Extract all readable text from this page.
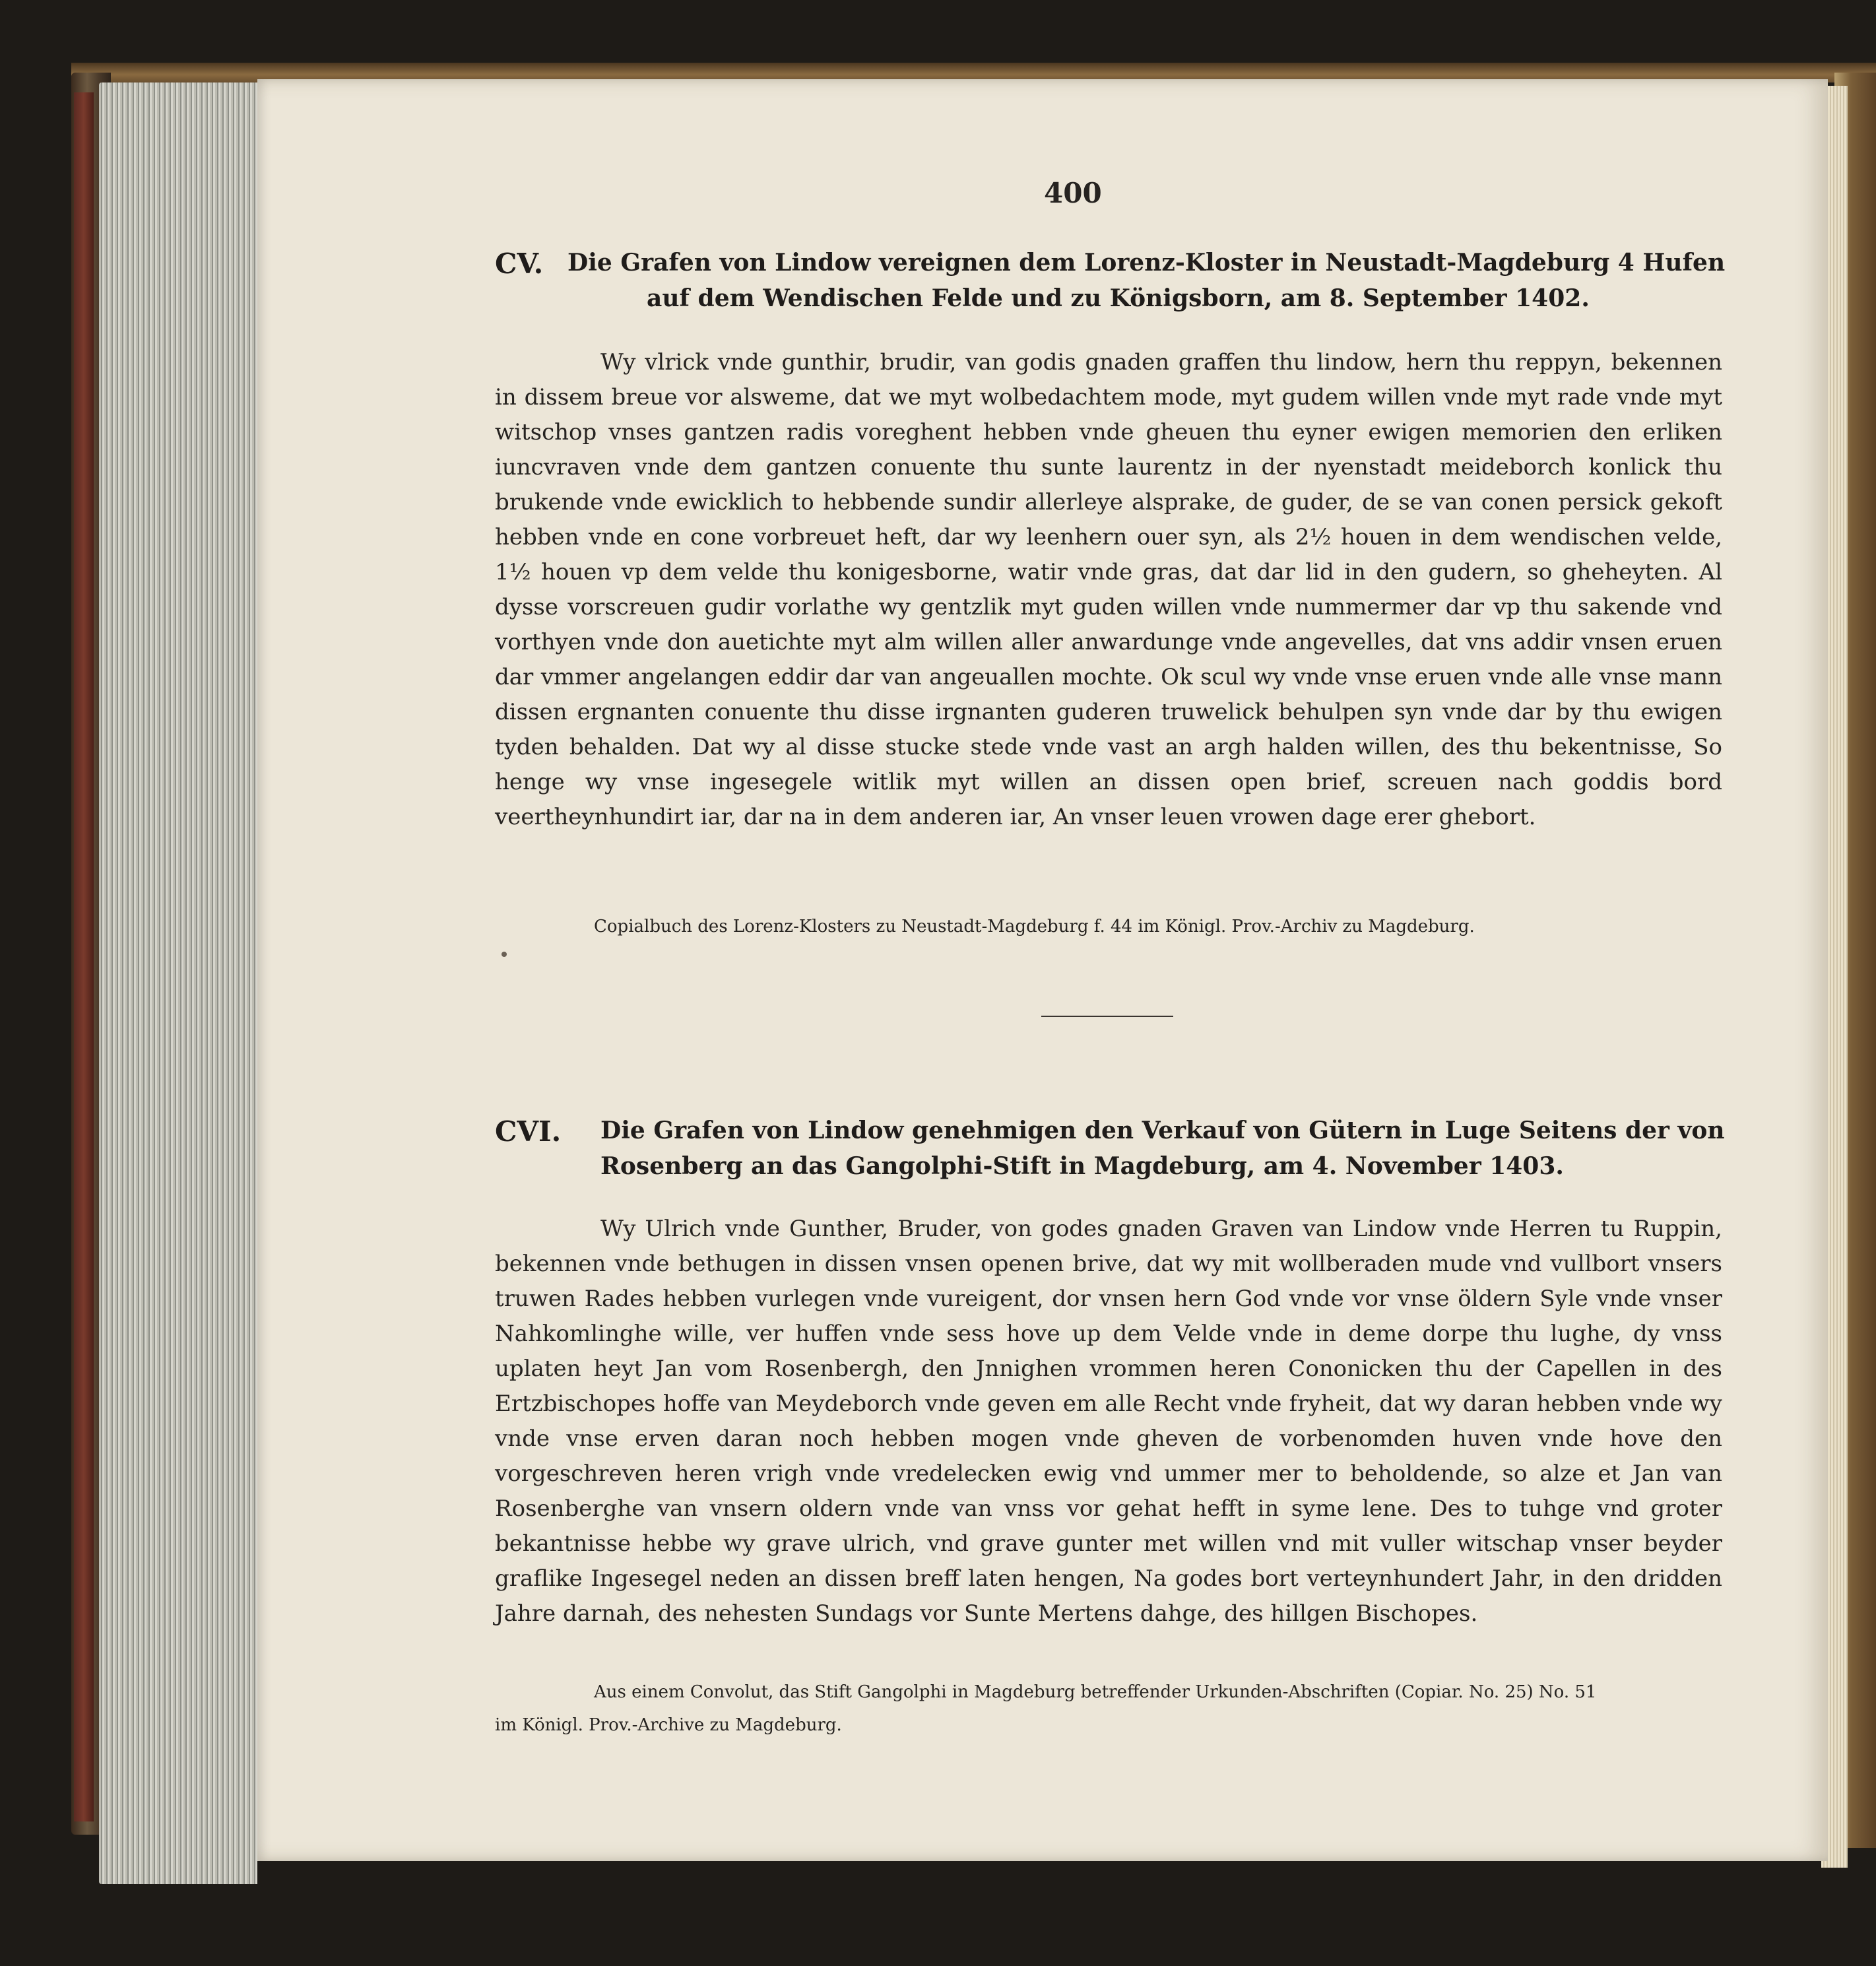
400
CV. Die Grafen von Lindow vereignen dem Lorenz-Kloster in Neustadt-Magdeburg 4 Hufen
auf dem Wendischen Felde und zu Königsborn, am 8. September 1402.
Wy vlrick vnde gunthir, brudir, van godis gnaden graffen thu lindow, hern thu reppyn, bekennen in dissem breue vor alsweme, dat we myt wolbedachtem mode, myt gudem willen vnde myt rade vnde myt witschop vnses gantzen radis voreghent hebben vnde gheuen thu eyner ewigen memorien den erliken iuncvraven vnde dem gantzen conuente thu sunte laurentz in der nyenstadt meideborch konlick thu brukende vnde ewicklich to hebbende sundir allerleye alsprake, de guder, de se van conen persick gekoft hebben vnde en cone vorbreuet heft, dar wy leenhern ouer syn, als 2½ houen in dem wendischen velde, 1½ houen vp dem velde thu konigesborne, watir vnde gras, dat dar lid in den gudern, so gheheyten. Al dysse vorscreuen gudir vorlathe wy gentzlik myt guden willen vnde nummermer dar vp thu sakende vnd vorthyen vnde don auetichte myt alm willen aller anwardunge vnde angevelles, dat vns addir vnsen eruen dar vmmer angelangen eddir dar van angeuallen mochte. Ok scul wy vnde vnse eruen vnde alle vnse mann dissen ergnanten conuente thu disse irgnanten guderen truwelick behulpen syn vnde dar by thu ewigen tyden behalden. Dat wy al disse stucke stede vnde vast an argh halden willen, des thu bekentnisse, So henge wy vnse ingesegele witlik myt willen an dissen open brief, screuen nach goddis bord veertheynhundirt iar, dar na in dem anderen iar, An vnser leuen vrowen dage erer ghebort.
Copialbuch des Lorenz-Klosters zu Neustadt-Magdeburg f. 44 im Königl. Prov.-Archiv zu Magdeburg.
CVI. Die Grafen von Lindow genehmigen den Verkauf von Gütern in Luge Seitens der von
Rosenberg an das Gangolphi-Stift in Magdeburg, am 4. November 1403.
Wy Ulrich vnde Gunther, Bruder, von godes gnaden Graven van Lindow vnde Herren tu Ruppin, bekennen vnde bethugen in dissen vnsen openen brive, dat wy mit wollberaden mude vnd vullbort vnsers truwen Rades hebben vurlegen vnde vureigent, dor vnsen hern God vnde vor vnse öldern Syle vnde vnser Nahkomlinghe wille, ver huffen vnde sess hove up dem Velde vnde in deme dorpe thu lughe, dy vnss uplaten heyt Jan vom Rosenbergh, den Jnnighen vrommen heren Cononicken thu der Capellen in des Ertzbischopes hoffe van Meydeborch vnde geven em alle Recht vnde fryheit, dat wy daran hebben vnde wy vnde vnse erven daran noch hebben mogen vnde gheven de vorbenomden huven vnde hove den vorgeschreven heren vrigh vnde vredelecken ewig vnd ummer mer to beholdende, so alze et Jan van Rosenberghe van vnsern oldern vnde van vnss vor gehat hefft in syme lene. Des to tuhge vnd groter bekantnisse hebbe wy grave ulrich, vnd grave gunter met willen vnd mit vuller witschap vnser beyder graflike Ingesegel neden an dissen breff laten hengen, Na godes bort verteynhundert Jahr, in den dridden Jahre darnah, des nehesten Sundags vor Sunte Mertens dahge, des hillgen Bischopes.
Aus einem Convolut, das Stift Gangolphi in Magdeburg betreffender Urkunden-Abschriften (Copiar. No. 25) No. 51
im Königl. Prov.-Archive zu Magdeburg.
